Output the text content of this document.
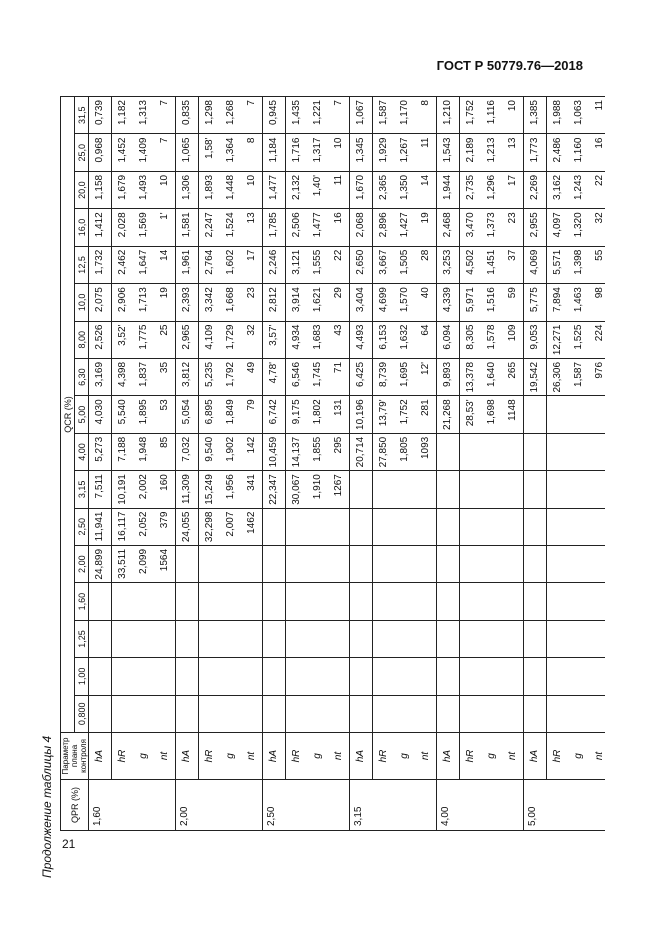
ГОСТ Р 50779.76—2018
Продолжение таблицы 4 21
QPR (%)	Параметр плана контроля	QCR (%)																
		0,800	1,00	1,25	1,60	2,00	2,50	3,15	4,00	5,00	6,30	8,00	10,0	12,5	16,0	20,0	25,0	31,5
1,60	hA					24,899	11,941	7,511	5,273	4,030	3,169	2,526	2,075	1,732	1,412	1,158	0,968	0,739
	hR					33,511	16,117	10,191	7,188	5,540	4,398	3,52'	2,906	2,462	2,028	1,679	1,452	1,182
	g					2,099	2,052	2,002	1,948	1,895	1,837	1,775	1,713	1,647	1,569	1,493	1,409	1,313
	nt					1564	379	160	85	53	35	25	19	14	1'	10	7	7
2,00	hA						24,055	11,309	7,032	5,054	3,812	2,965	2,393	1,961	1,581	1,306	1,065	0,835
	hR						32,298	15,249	9,540	6,895	5,235	4,109	3,342	2,764	2,247	1,893	1,58'	1,298
	g						2,007	1,956	1,902	1,849	1,792	1,729	1,668	1,602	1,524	1,448	1,364	1,268
	nt						1462	341	142	79	49	32	23	17	13	10	8	7
2,50	hA							22,347	10,459	6,742	4,78'	3,57'	2,812	2,246	1,785	1,477	1,184	0,945
	hR							30,067	14,137	9,175	6,546	4,934	3,914	3,121	2,506	2,132	1,716	1,435
	g							1,910	1,855	1,802	1,745	1,683	1,621	1,555	1,477	1,40'	1,317	1,221
	nt							1267	295	131	71	43	29	22	16	11	10	7
3,15	hA								20,714	10,196	6,425	4,493	3,404	2,650	2,068	1,670	1,345	1,067
	hR								27,850	13,79'	8,739	6,153	4,699	3,667	2,896	2,365	1,929	1,587
	g								1,805	1,752	1,695	1,632	1,570	1,505	1,427	1,350	1,267	1,170
	nt								1093	281	12'	64	40	28	19	14	11	8
4,00	hA									21,268	9,893	6,094	4,339	3,253	2,468	1,944	1,543	1,210
	hR									28,53'	13,378	8,305	5,971	4,502	3,470	2,735	2,189	1,752
	g									1,698	1,640	1,578	1,516	1,451	1,373	1,296	1,213	1,116
	nt									1148	265	109	59	37	23	17	13	10
5,00	hA										19,542	9,053	5,775	4,069	2,955	2,269	1,773	1,385
	hR										26,306	12,271	7,894	5,571	4,097	3,162	2,486	1,988
	g										1,587	1,525	1,463	1,398	1,320	1,243	1,160	1,063
	nt										976	224	98	55	32	22	16	11
